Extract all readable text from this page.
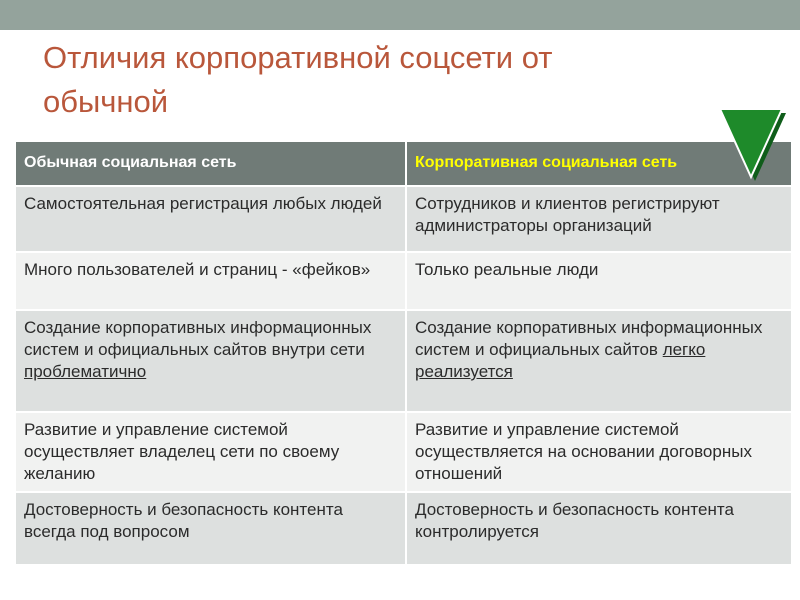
Отличия корпоративной соцсети от
обычной
Обычная социальная сеть	Корпоративная социальная сеть
Самостоятельная регистрация любых людей	Сотрудников и клиентов регистрируют администраторы организаций
Много пользователей и страниц - «фейков»	Только реальные люди
Создание корпоративных информационных систем и официальных сайтов внутри сети проблематично	Создание корпоративных информационных систем и официальных сайтов легко реализуется
Развитие и управление системой осуществляет владелец сети по своему желанию	Развитие и управление системой осуществляется на основании договорных отношений
Достоверность и безопасность контента всегда под вопросом	Достоверность и безопасность контента контролируется
